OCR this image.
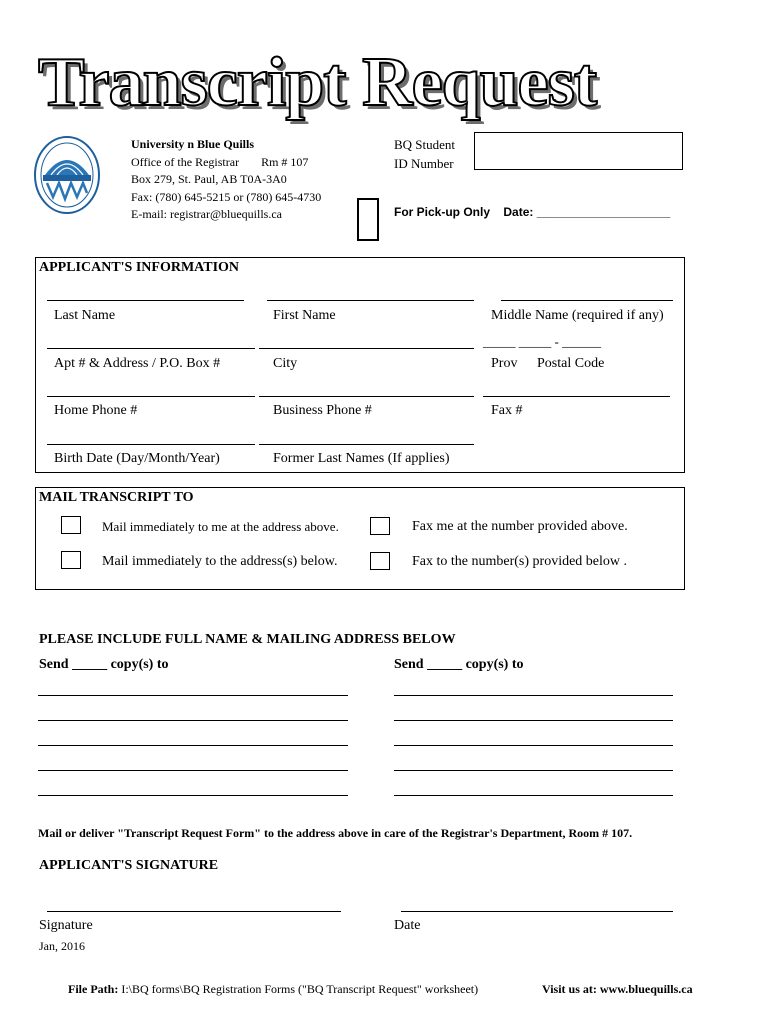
Transcript Request
University n Blue Quills
Office of the Registrar Rm # 107
Box 279, St. Paul, AB T0A-3A0
Fax: (780) 645-5215 or (780) 645-4730
E-mail: registrar@bluequills.ca
BQ Student
ID Number
For Pick-up Only Date: ____________________
APPLICANT'S INFORMATION
Last Name	First Name	Middle Name (required if any)
_____ _____ - ______
Apt # & Address / P.O. Box #	City	Prov Postal Code
Home Phone #	Business Phone #	Fax #
Birth Date (Day/Month/Year)	Former Last Names (If applies)
MAIL TRANSCRIPT TO
Mail immediately to me at the address above.	Fax me at the number provided above.
Mail immediately to the address(s) below.	Fax to the number(s) provided below .
PLEASE INCLUDE FULL NAME & MAILING ADDRESS BELOW
Send _____ copy(s) to	Send _____ copy(s) to
Mail or deliver "Transcript Request Form" to the address above in care of the Registrar's Department, Room # 107.
APPLICANT'S SIGNATURE
Signature	Date
Jan, 2016
File Path: I:\BQ forms\BQ Registration Forms ("BQ Transcript Request" worksheet)	Visit us at: www.bluequills.ca
